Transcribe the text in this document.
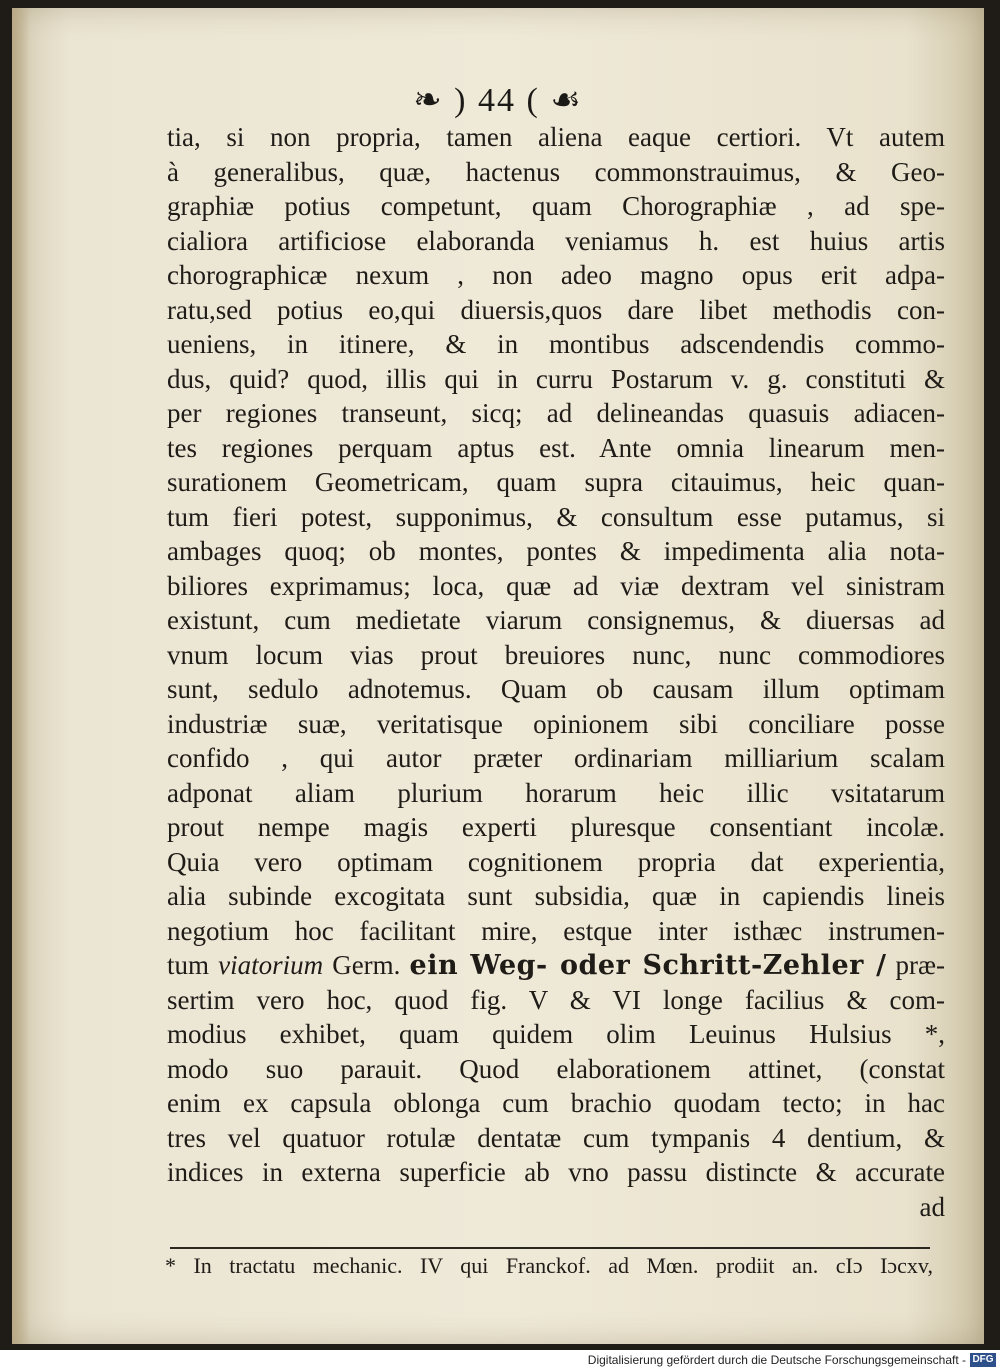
❧ ) 44 ( ☙
tia, si non propria, tamen aliena eaque certiori. Vt autem
à generalibus, quæ, hactenus commonstrauimus, & Geo-
graphiæ potius competunt, quam Chorographiæ , ad spe-
cialiora artificiose elaboranda veniamus h. est huius artis
chorographicæ nexum , non adeo magno opus erit adpa-
ratu,sed potius eo,qui diuersis,quos dare libet methodis con-
ueniens, in itinere, & in montibus adscendendis commo-
dus, quid? quod, illis qui in curru Postarum v. g. constituti &
per regiones transeunt, sicq; ad delineandas quasuis adiacen-
tes regiones perquam aptus est. Ante omnia linearum men-
surationem Geometricam, quam supra citauimus, heic quan-
tum fieri potest, supponimus, & consultum esse putamus, si
ambages quoq; ob montes, pontes & impedimenta alia nota-
biliores exprimamus; loca, quæ ad viæ dextram vel sinistram
existunt, cum medietate viarum consignemus, & diuersas ad
vnum locum vias prout breuiores nunc, nunc commodiores
sunt, sedulo adnotemus. Quam ob causam illum optimam
industriæ suæ, veritatisque opinionem sibi conciliare posse
confido , qui autor præter ordinariam milliarium scalam
adponat aliam plurium horarum heic illic vsitatarum
prout nempe magis experti pluresque consentiant incolæ.
Quia vero optimam cognitionem propria dat experientia,
alia subinde excogitata sunt subsidia, quæ in capiendis lineis
negotium hoc facilitant mire, estque inter isthæc instrumen-
tum viatorium Germ. ein Weg- oder Schritt-Zehler / præ-
sertim vero hoc, quod fig. V & VI longe facilius & com-
modius exhibet, quam quidem olim Leuinus Hulsius *,
modo suo parauit. Quod elaborationem attinet, (constat
enim ex capsula oblonga cum brachio quodam tecto; in hac
tres vel quatuor rotulæ dentatæ cum tympanis 4 dentium, &
indices in externa superficie ab vno passu distincte & accurate
ad
* In tractatu mechanic. IV qui Franckof. ad Mœn. prodiit an. cIɔ Iɔcxv,
Digitalisierung gefördert durch die Deutsche Forschungsgemeinschaft - DFG
